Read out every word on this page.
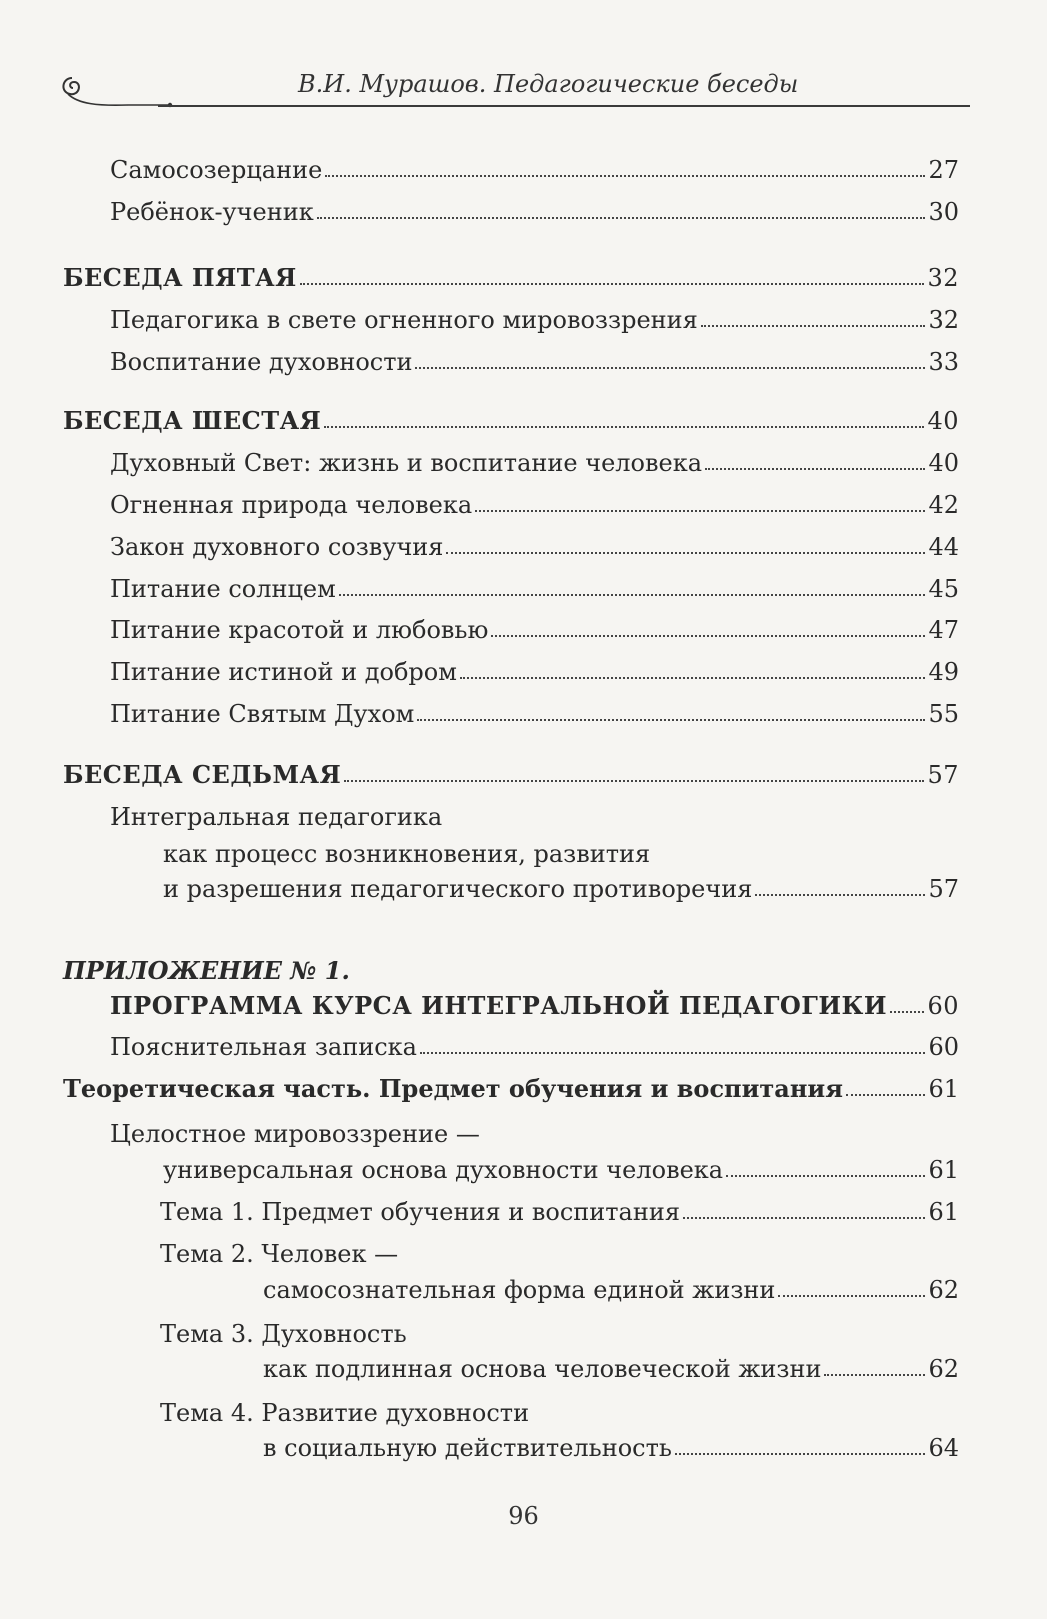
В.И. Мурашов. Педагогические беседы
Самосозерцание	27
Ребёнок-ученик	30
БЕСЕДА ПЯТАЯ	32
Педагогика в свете огненного мировоззрения	32
Воспитание духовности	33
БЕСЕДА ШЕСТАЯ	40
Духовный Свет: жизнь и воспитание человека	40
Огненная природа человека	42
Закон духовного созвучия	44
Питание солнцем	45
Питание красотой и любовью	47
Питание истиной и добром	49
Питание Святым Духом	55
БЕСЕДА СЕДЬМАЯ	57
Интегральная педагогика
как процесс возникновения, развития
и разрешения педагогического противоречия	57
ПРИЛОЖЕНИЕ № 1.
ПРОГРАММА КУРСА ИНТЕГРАЛЬНОЙ ПЕДАГОГИКИ 60
Пояснительная записка	60
Теоретическая часть. Предмет обучения и воспитания	61
Целостное мировоззрение —
универсальная основа духовности человека	61
Тема 1. Предмет обучения и воспитания	61
Тема 2. Человек —
самосознательная форма единой жизни	62
Тема 3. Духовность
как подлинная основа человеческой жизни	62
Тема 4. Развитие духовности
в социальную действительность	64
96
